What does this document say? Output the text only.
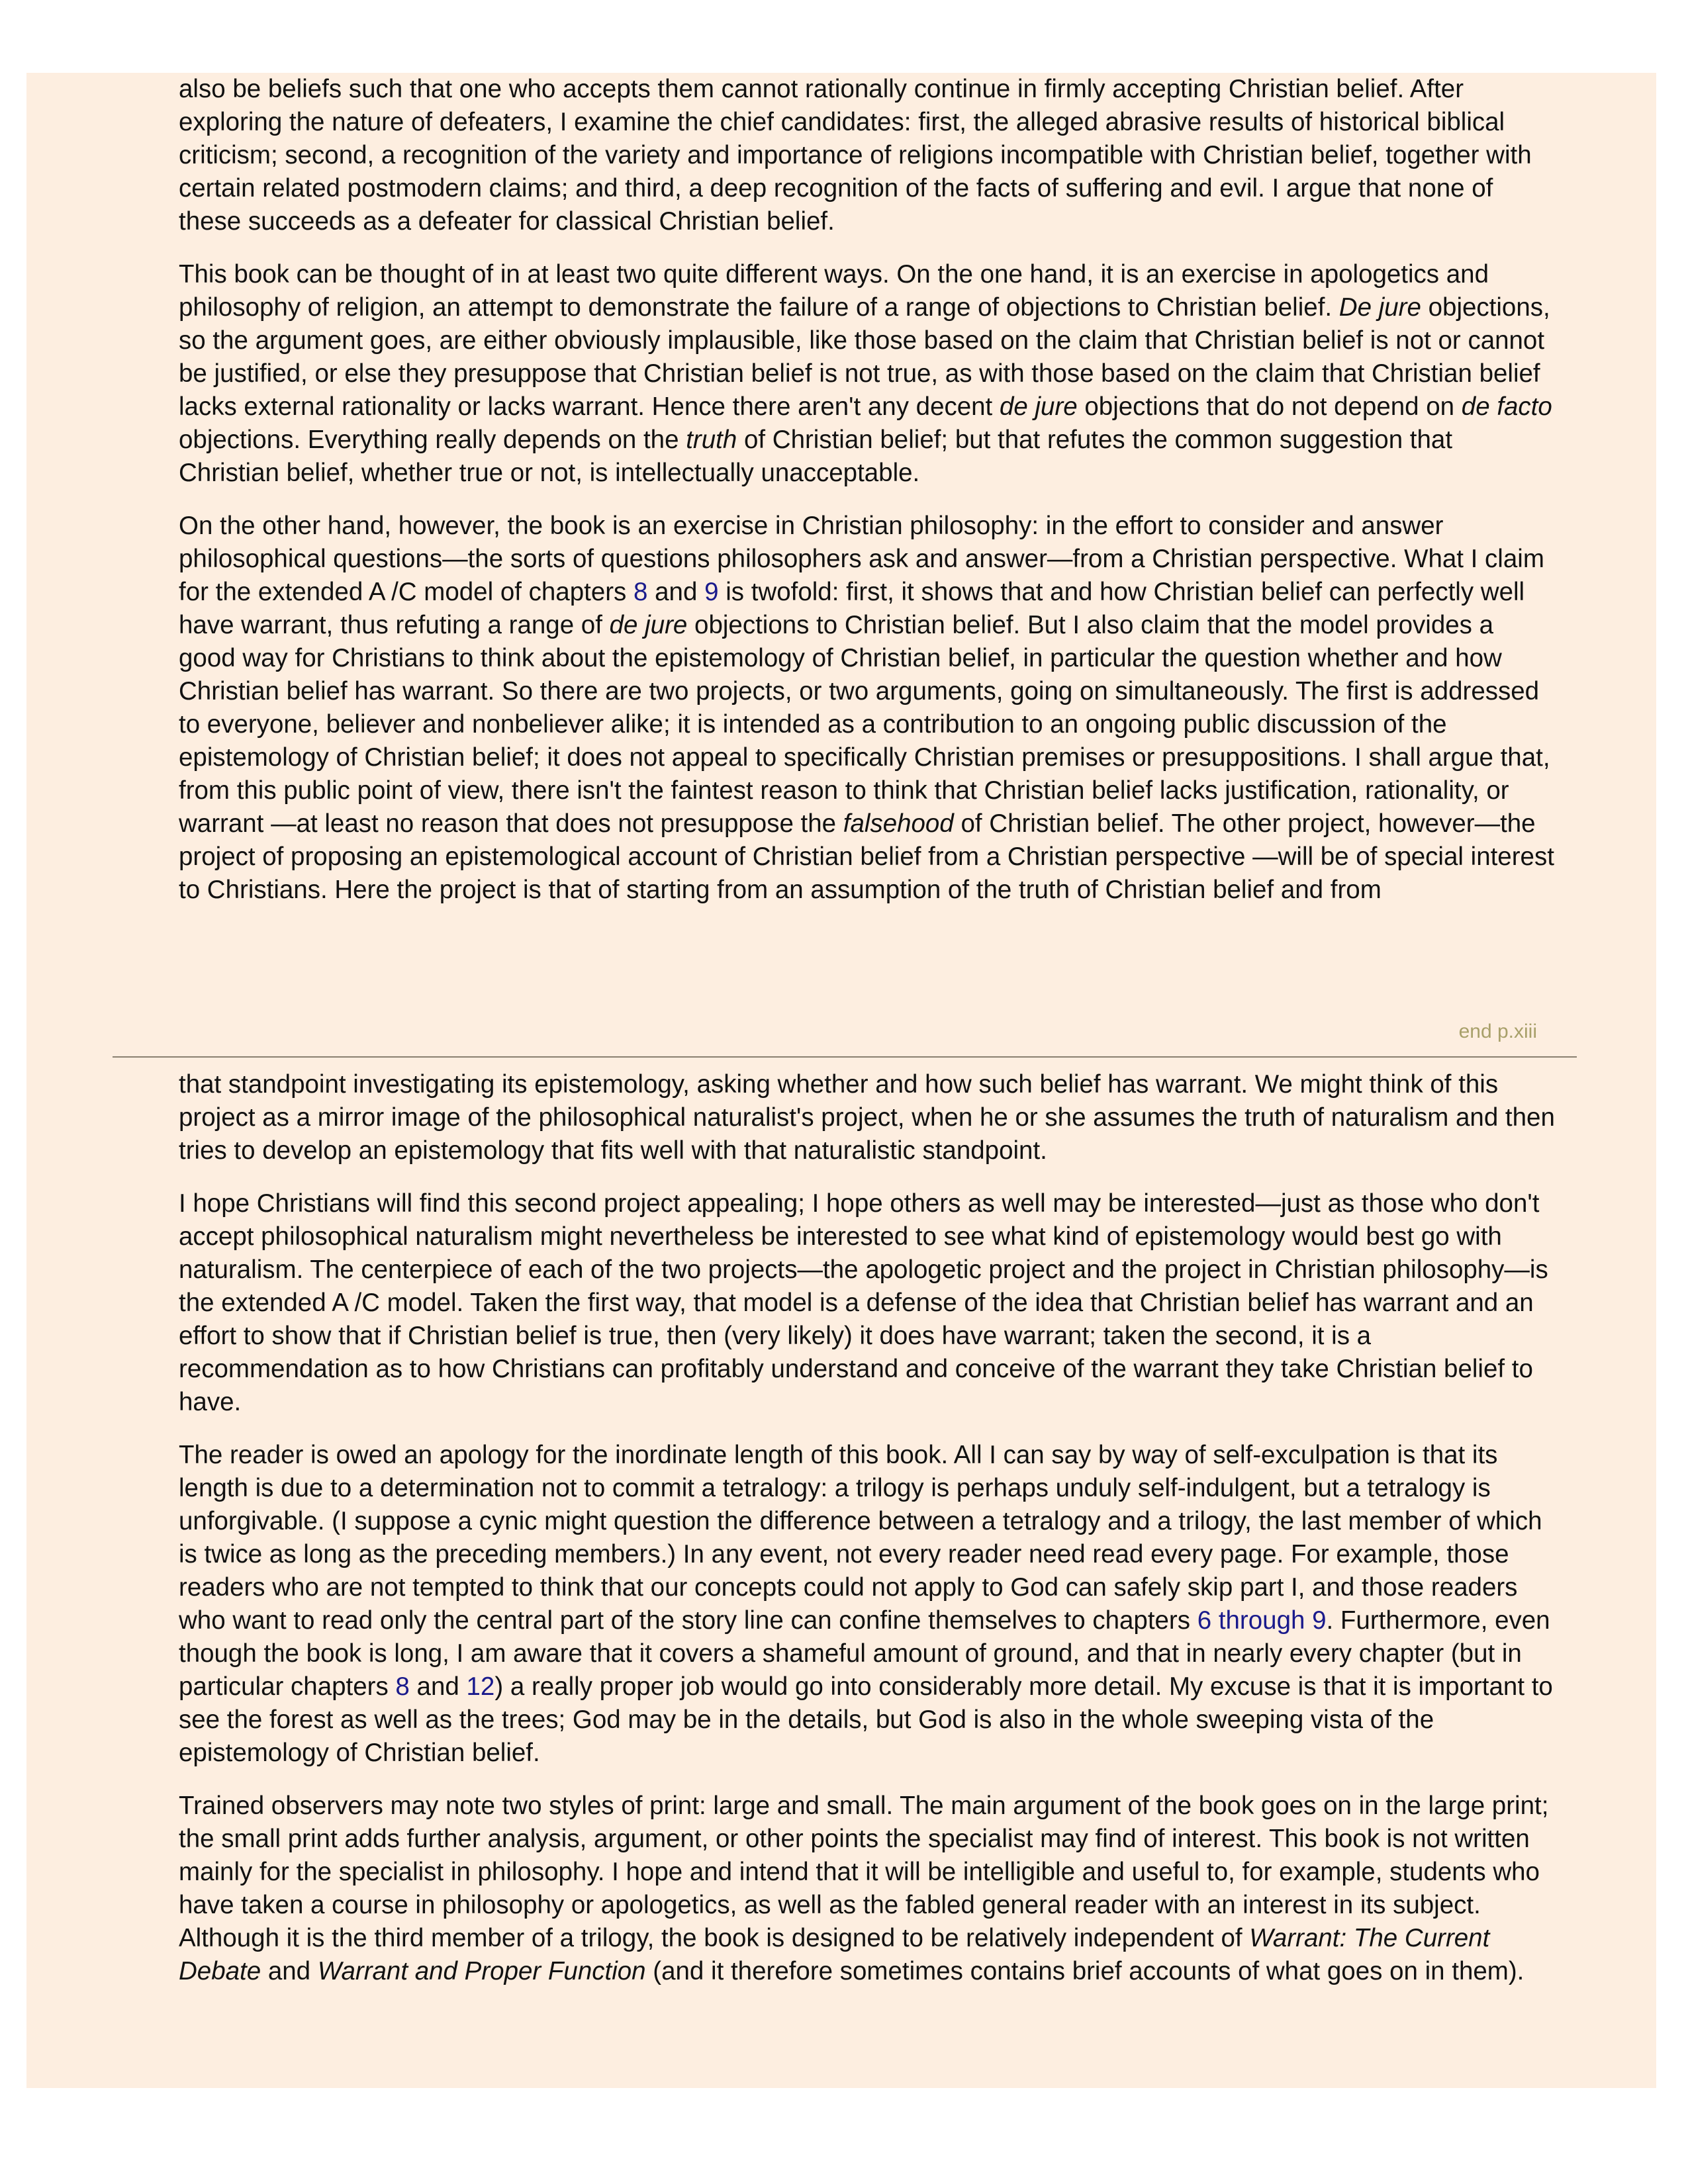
also be beliefs such that one who accepts them cannot rationally continue in firmly accepting Christian belief. After exploring the nature of defeaters, I examine the chief candidates: first, the alleged abrasive results of historical biblical criticism; second, a recognition of the variety and importance of religions incompatible with Christian belief, together with certain related postmodern claims; and third, a deep recognition of the facts of suffering and evil. I argue that none of these succeeds as a defeater for classical Christian belief.

This book can be thought of in at least two quite different ways. On the one hand, it is an exercise in apologetics and philosophy of religion, an attempt to demonstrate the failure of a range of objections to Christian belief. De jure objections, so the argument goes, are either obviously implausible, like those based on the claim that Christian belief is not or cannot be justified, or else they presuppose that Christian belief is not true, as with those based on the claim that Christian belief lacks external rationality or lacks warrant. Hence there aren't any decent de jure objections that do not depend on de facto objections. Everything really depends on the truth of Christian belief; but that refutes the common suggestion that Christian belief, whether true or not, is intellectually unacceptable.

On the other hand, however, the book is an exercise in Christian philosophy: in the effort to consider and answer philosophical questions—the sorts of questions philosophers ask and answer—from a Christian perspective. What I claim for the extended A /C model of chapters 8 and 9 is twofold: first, it shows that and how Christian belief can perfectly well have warrant, thus refuting a range of de jure objections to Christian belief. But I also claim that the model provides a good way for Christians to think about the epistemology of Christian belief, in particular the question whether and how Christian belief has warrant. So there are two projects, or two arguments, going on simultaneously. The first is addressed to everyone, believer and nonbeliever alike; it is intended as a contribution to an ongoing public discussion of the epistemology of Christian belief; it does not appeal to specifically Christian premises or presuppositions. I shall argue that, from this public point of view, there isn't the faintest reason to think that Christian belief lacks justification, rationality, or warrant —at least no reason that does not presuppose the falsehood of Christian belief. The other project, however—the project of proposing an epistemological account of Christian belief from a Christian perspective —will be of special interest to Christians. Here the project is that of starting from an assumption of the truth of Christian belief and from

end p.xiii

that standpoint investigating its epistemology, asking whether and how such belief has warrant. We might think of this project as a mirror image of the philosophical naturalist's project, when he or she assumes the truth of naturalism and then tries to develop an epistemology that fits well with that naturalistic standpoint.

I hope Christians will find this second project appealing; I hope others as well may be interested—just as those who don't accept philosophical naturalism might nevertheless be interested to see what kind of epistemology would best go with naturalism. The centerpiece of each of the two projects—the apologetic project and the project in Christian philosophy—is the extended A /C model. Taken the first way, that model is a defense of the idea that Christian belief has warrant and an effort to show that if Christian belief is true, then (very likely) it does have warrant; taken the second, it is a recommendation as to how Christians can profitably understand and conceive of the warrant they take Christian belief to have.

The reader is owed an apology for the inordinate length of this book. All I can say by way of self-exculpation is that its length is due to a determination not to commit a tetralogy: a trilogy is perhaps unduly self-indulgent, but a tetralogy is unforgivable. (I suppose a cynic might question the difference between a tetralogy and a trilogy, the last member of which is twice as long as the preceding members.) In any event, not every reader need read every page. For example, those readers who are not tempted to think that our concepts could not apply to God can safely skip part I, and those readers who want to read only the central part of the story line can confine themselves to chapters 6 through 9. Furthermore, even though the book is long, I am aware that it covers a shameful amount of ground, and that in nearly every chapter (but in particular chapters 8 and 12) a really proper job would go into considerably more detail. My excuse is that it is important to see the forest as well as the trees; God may be in the details, but God is also in the whole sweeping vista of the epistemology of Christian belief.

Trained observers may note two styles of print: large and small. The main argument of the book goes on in the large print; the small print adds further analysis, argument, or other points the specialist may find of interest. This book is not written mainly for the specialist in philosophy. I hope and intend that it will be intelligible and useful to, for example, students who have taken a course in philosophy or apologetics, as well as the fabled general reader with an interest in its subject. Although it is the third member of a trilogy, the book is designed to be relatively independent of Warrant: The Current Debate and Warrant and Proper Function (and it therefore sometimes contains brief accounts of what goes on in them).
